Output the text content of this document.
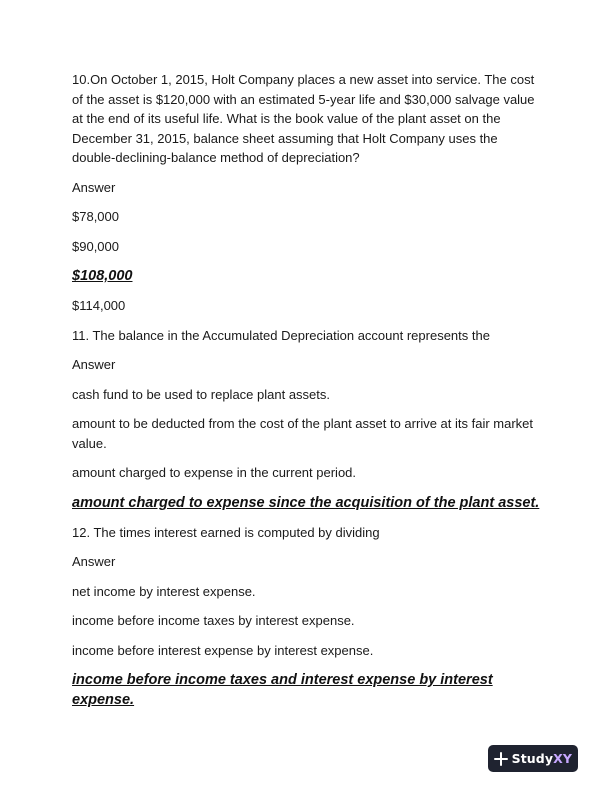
10.On October 1, 2015, Holt Company places a new asset into service. The cost of the asset is $120,000 with an estimated 5-year life and $30,000 salvage value at the end of its useful life. What is the book value of the plant asset on the December 31, 2015, balance sheet assuming that Holt Company uses the double-declining-balance method of depreciation?

Answer

$78,000

$90,000

$108,000

$114,000

11. The balance in the Accumulated Depreciation account represents the

Answer

cash fund to be used to replace plant assets.

amount to be deducted from the cost of the plant asset to arrive at its fair market value.

amount charged to expense in the current period.

amount charged to expense since the acquisition of the plant asset.

12. The times interest earned is computed by dividing

Answer

net income by interest expense.

income before income taxes by interest expense.

income before interest expense by interest expense.

income before income taxes and interest expense by interest expense.

StudyXY
